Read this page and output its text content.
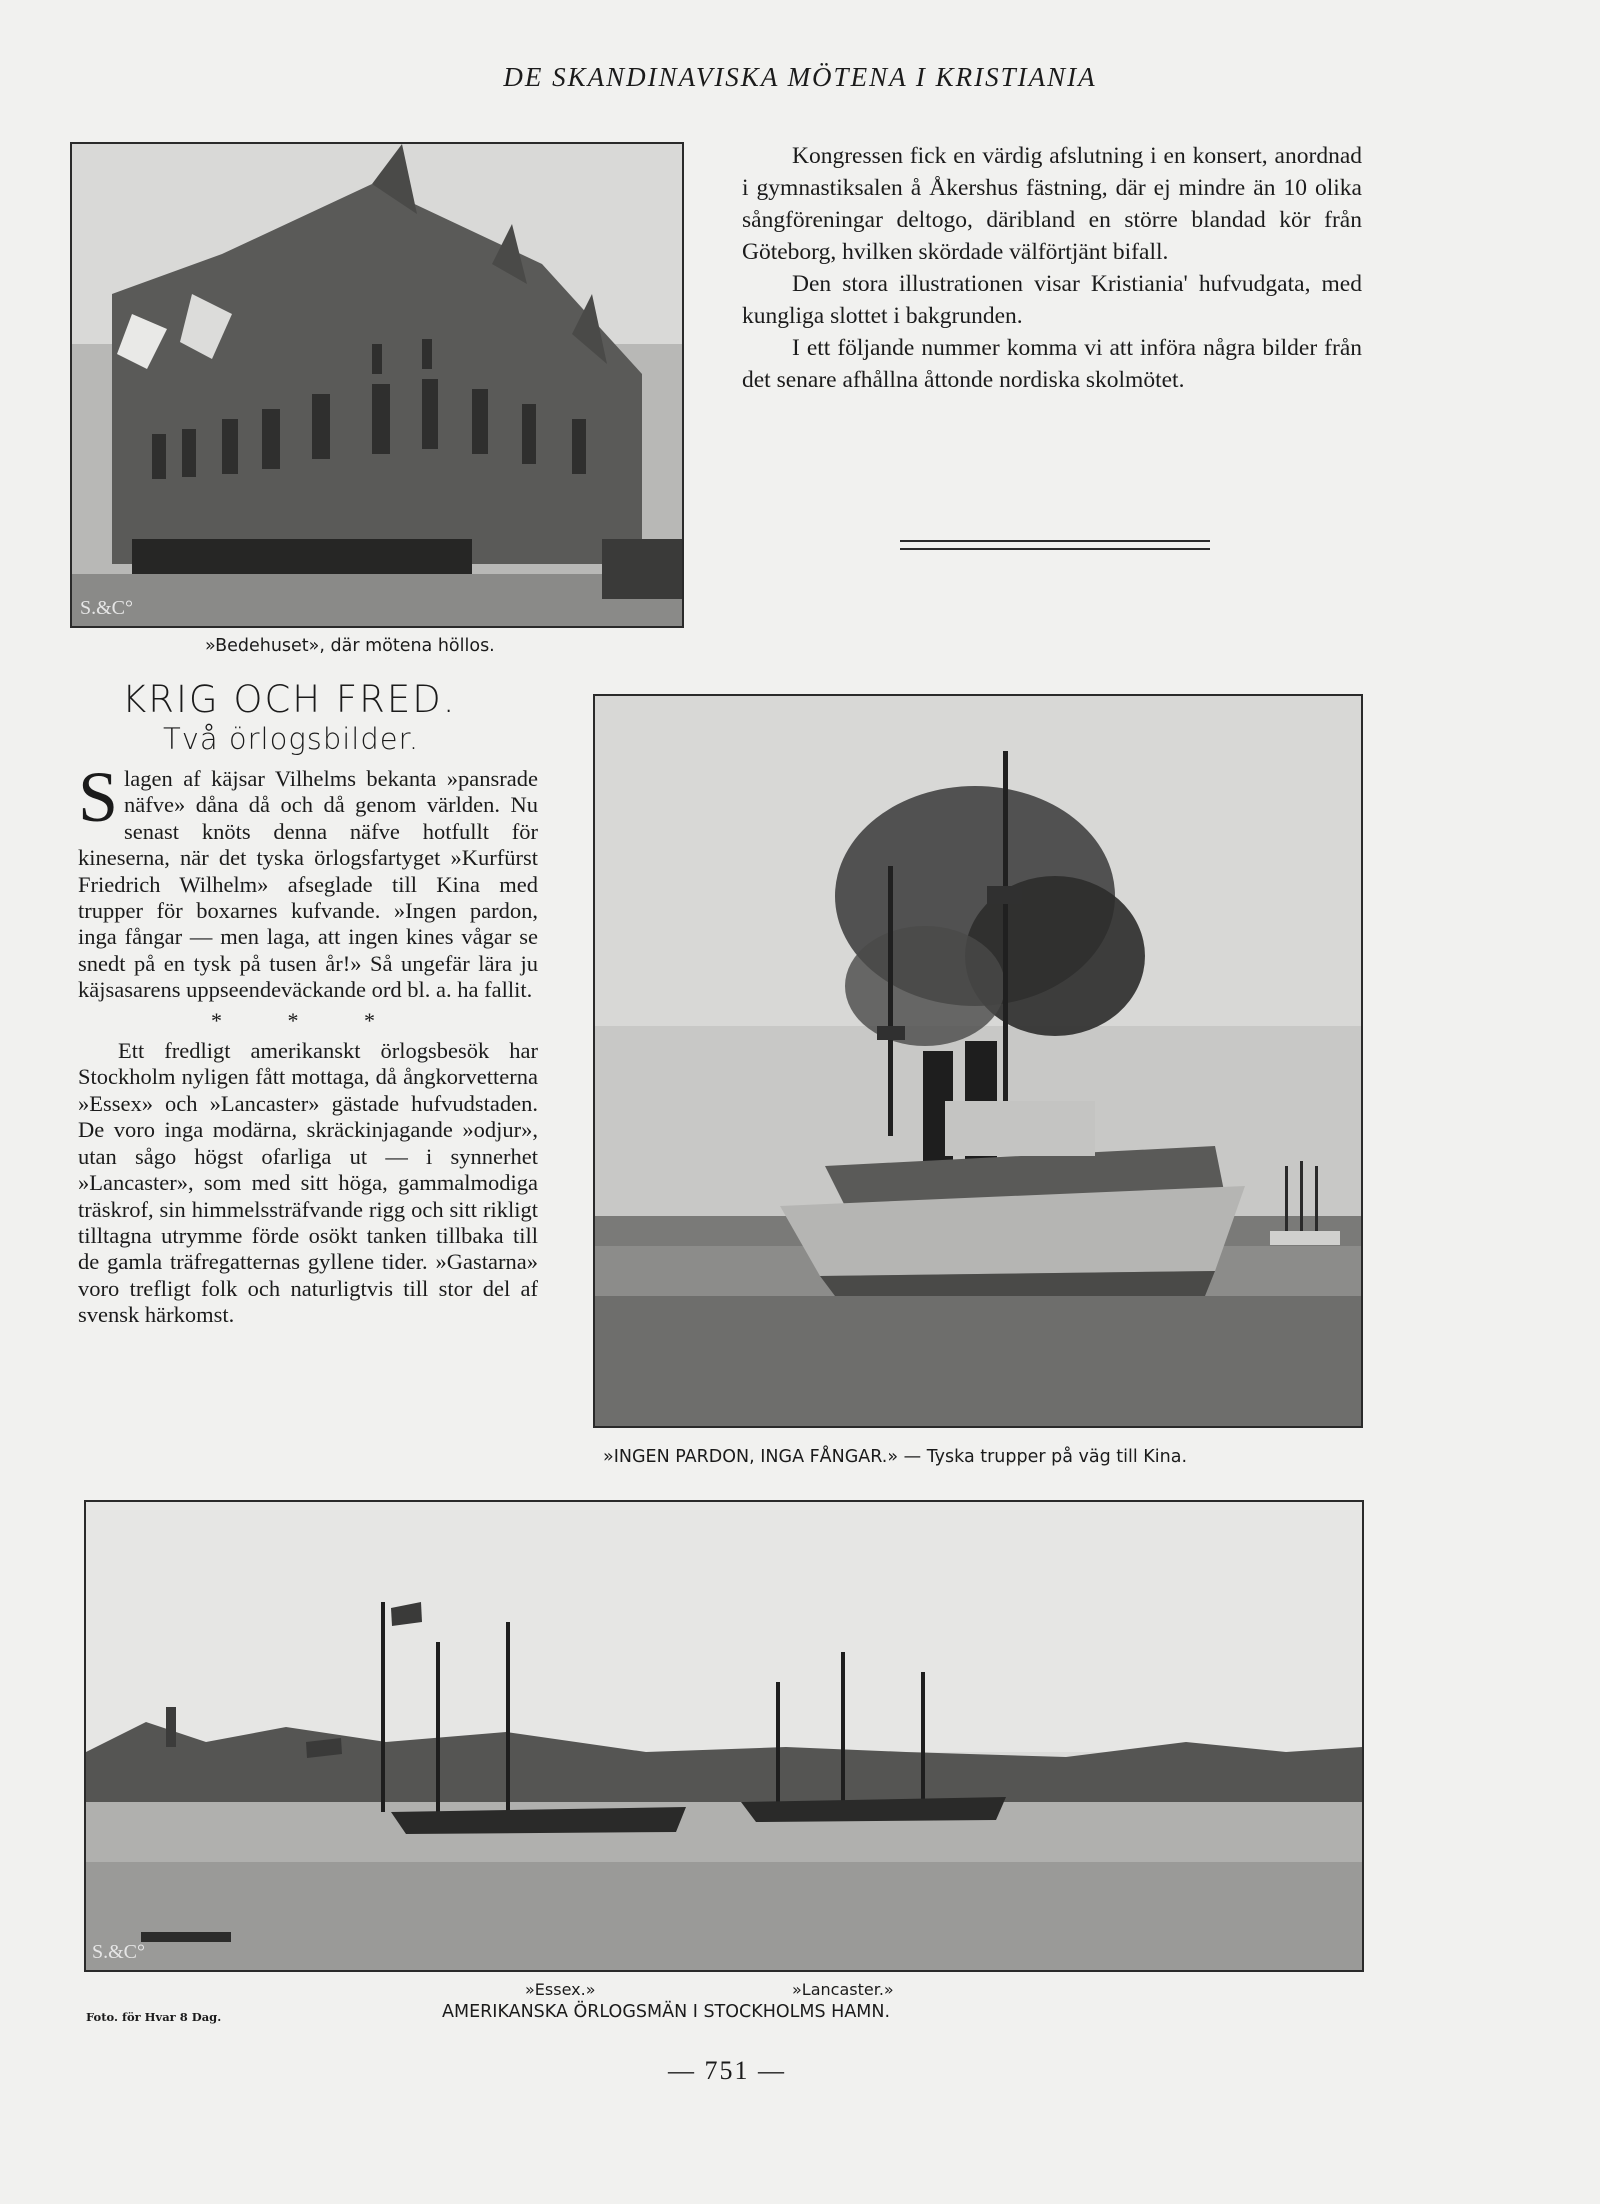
DE SKANDINAVISKA MÖTENA I KRISTIANIA
S.&C°
»Bedehuset», där mötena höllos.

Kongressen fick en värdig afslutning i en konsert, anordnad i gymnastiksalen å Åkershus fästning, där ej mindre än 10 olika sångföreningar deltogo, däribland en större blandad kör från Göteborg, hvilken skördade välförtjänt bifall.

Den stora illustrationen visar Kristiania' hufvudgata, med kungliga slottet i bakgrunden.

I ett följande nummer komma vi att införa några bilder från det senare afhållna åttonde nordiska skolmötet.

KRIG OCH FRED.
Två örlogsbilder.

Slagen af käjsar Vilhelms bekanta »pansrade näfve» dåna då och då genom världen. Nu senast knöts denna näfve hotfullt för kineserna, när det tyska örlogsfartyget »Kurfürst Friedrich Wilhelm» afseglade till Kina med trupper för boxarnes kufvande. »Ingen pardon, inga fångar — men laga, att ingen kines vågar se snedt på en tysk på tusen år!» Så ungefär lära ju käjsasarens uppseendeväckande ord bl. a. ha fallit.

* * *

Ett fredligt amerikanskt örlogsbesök har Stockholm nyligen fått mottaga, då ångkorvetterna »Essex» och »Lancaster» gästade hufvudstaden. De voro inga modärna, skräckinjagande »odjur», utan sågo högst ofarliga ut — i synnerhet »Lancaster», som med sitt höga, gammalmodiga träskrof, sin himmelssträfvande rigg och sitt rikligt tilltagna utrymme förde osökt tanken tillbaka till de gamla träfregatternas gyllene tider. »Gastarna» voro trefligt folk och naturligtvis till stor del af svensk härkomst.

»INGEN PARDON, INGA FÅNGAR.» — Tyska trupper på väg till Kina.
S.&C°
»Essex.»	»Lancaster.»
AMERIKANSKA ÖRLOGSMÄN I STOCKHOLMS HAMN.
Foto. för Hvar 8 Dag.
— 751 —
